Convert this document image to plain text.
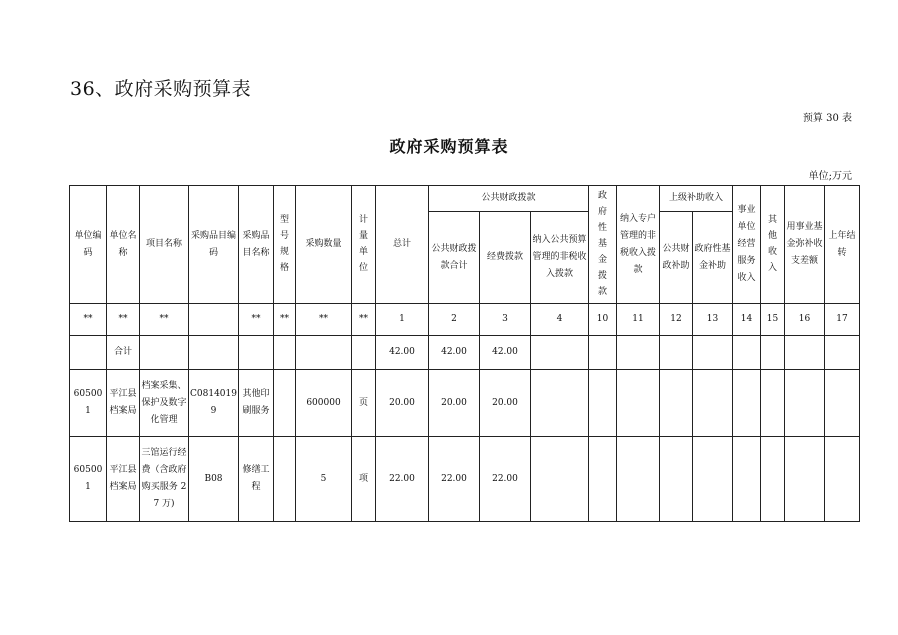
36、政府采购预算表
预算 30 表
政府采购预算表
单位;万元
单位编码	单位名称	项目名称	采购品目编码	采购品目名称	型号规格	采购数量	计量单位	总计	公共财政拨款			政府性基金拨款	纳入专户管理的非税收入拨款	上级补助收入		事业单位经营服务收入	其他收入	用事业基金弥补收支差额	上年结转
									公共财政拨款合计	经费拨款	纳入公共预算管理的非税收入拨款			公共财政补助	政府性基金补助				
**	**	**		**	**	**	**	1	2	3	4	10	11	12	13	14	15	16	17
	合计							42.00	42.00	42.00									
605001	平江县档案局	档案采集、保护及数字化管理	C08140199	其他印刷服务		600000	页	20.00	20.00	20.00									
605001	平江县档案局	三馆运行经费（含政府购买服务 27 万)	B08	修缮工程		5	项	22.00	22.00	22.00									
